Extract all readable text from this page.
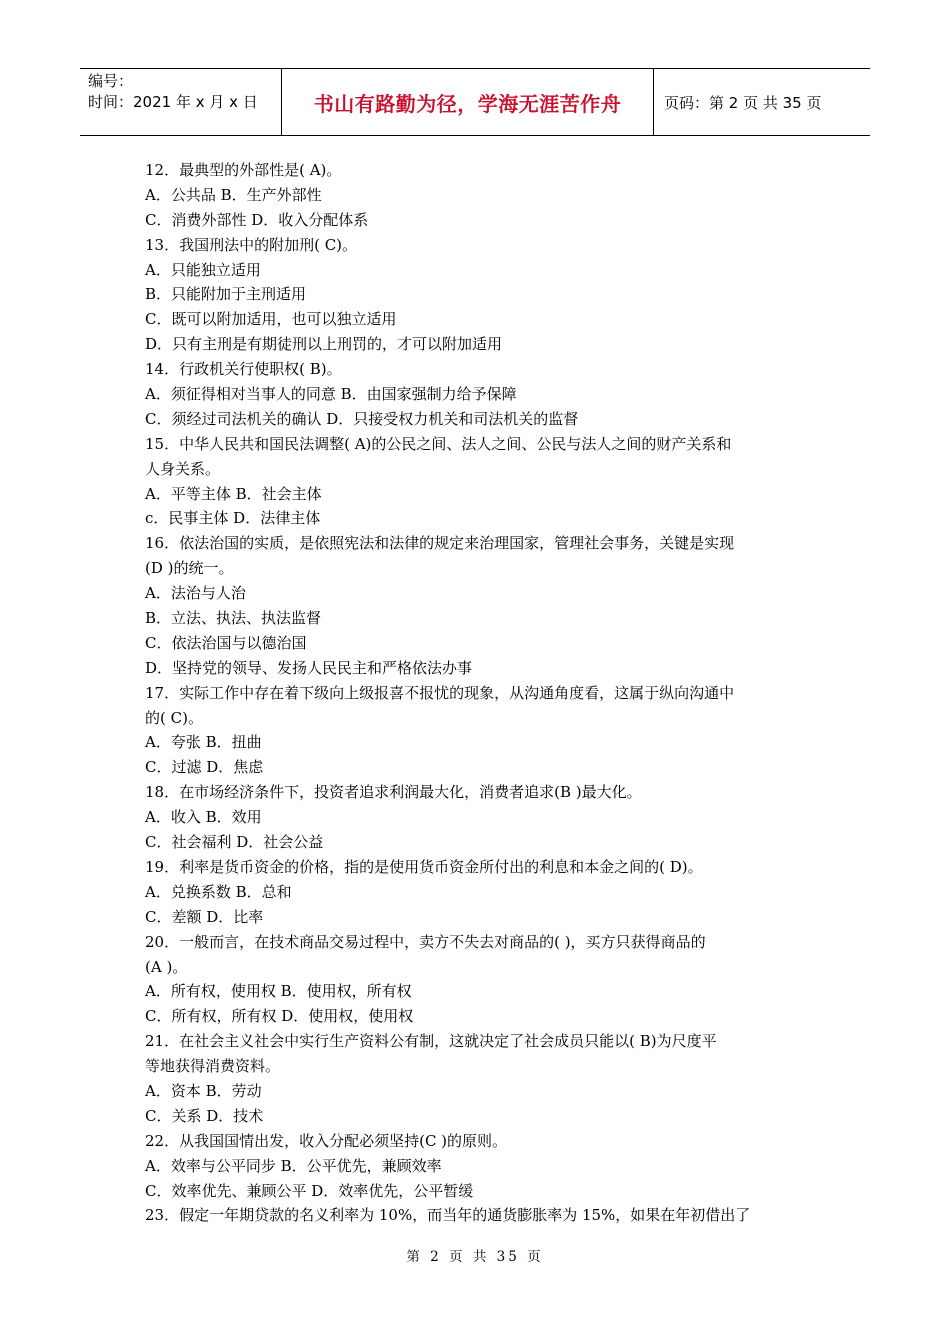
编号：
时间：2021 年 x 月 x 日	书山有路勤为径，学海无涯苦作舟	页码：第 2 页 共 35 页
12．最典型的外部性是( A)。
A．公共品 B．生产外部性
C．消费外部性 D．收入分配体系
13．我国刑法中的附加刑( C)。
A．只能独立适用
B．只能附加于主刑适用
C．既可以附加适用，也可以独立适用
D．只有主刑是有期徒刑以上刑罚的，才可以附加适用
14．行政机关行使职权( B)。
A．须征得相对当事人的同意 B．由国家强制力给予保障
C．须经过司法机关的确认 D．只接受权力机关和司法机关的监督
15．中华人民共和国民法调整( A)的公民之间、法人之间、公民与法人之间的财产关系和
人身关系。
A．平等主体 B．社会主体
c．民事主体 D．法律主体
16．依法治国的实质，是依照宪法和法律的规定来治理国家，管理社会事务，关键是实现
(D )的统一。
A．法治与人治
B．立法、执法、执法监督
C．依法治国与以德治国
D．坚持党的领导、发扬人民民主和严格依法办事
17．实际工作中存在着下级向上级报喜不报忧的现象，从沟通角度看，这属于纵向沟通中
的( C)。
A．夸张 B．扭曲
C．过滤 D．焦虑
18．在市场经济条件下，投资者追求利润最大化，消费者追求(B )最大化。
A．收入 B．效用
C．社会福利 D．社会公益
19．利率是货币资金的价格，指的是使用货币资金所付出的利息和本金之间的( D)。
A．兑换系数 B．总和
C．差额 D．比率
20．一般而言，在技术商品交易过程中，卖方不失去对商品的( )，买方只获得商品的
(A )。
A．所有权，使用权 B．使用权，所有权
C．所有权，所有权 D．使用权，使用权
21．在社会主义社会中实行生产资料公有制，这就决定了社会成员只能以( B)为尺度平
等地获得消费资料。
A．资本 B．劳动
C．关系 D．技术
22．从我国国情出发，收入分配必须坚持(C )的原则。
A．效率与公平同步 B．公平优先，兼顾效率
C．效率优先、兼顾公平 D．效率优先，公平暂缓
23．假定一年期贷款的名义利率为 10%，而当年的通货膨胀率为 15%，如果在年初借出了
第 2 页 共 35 页
